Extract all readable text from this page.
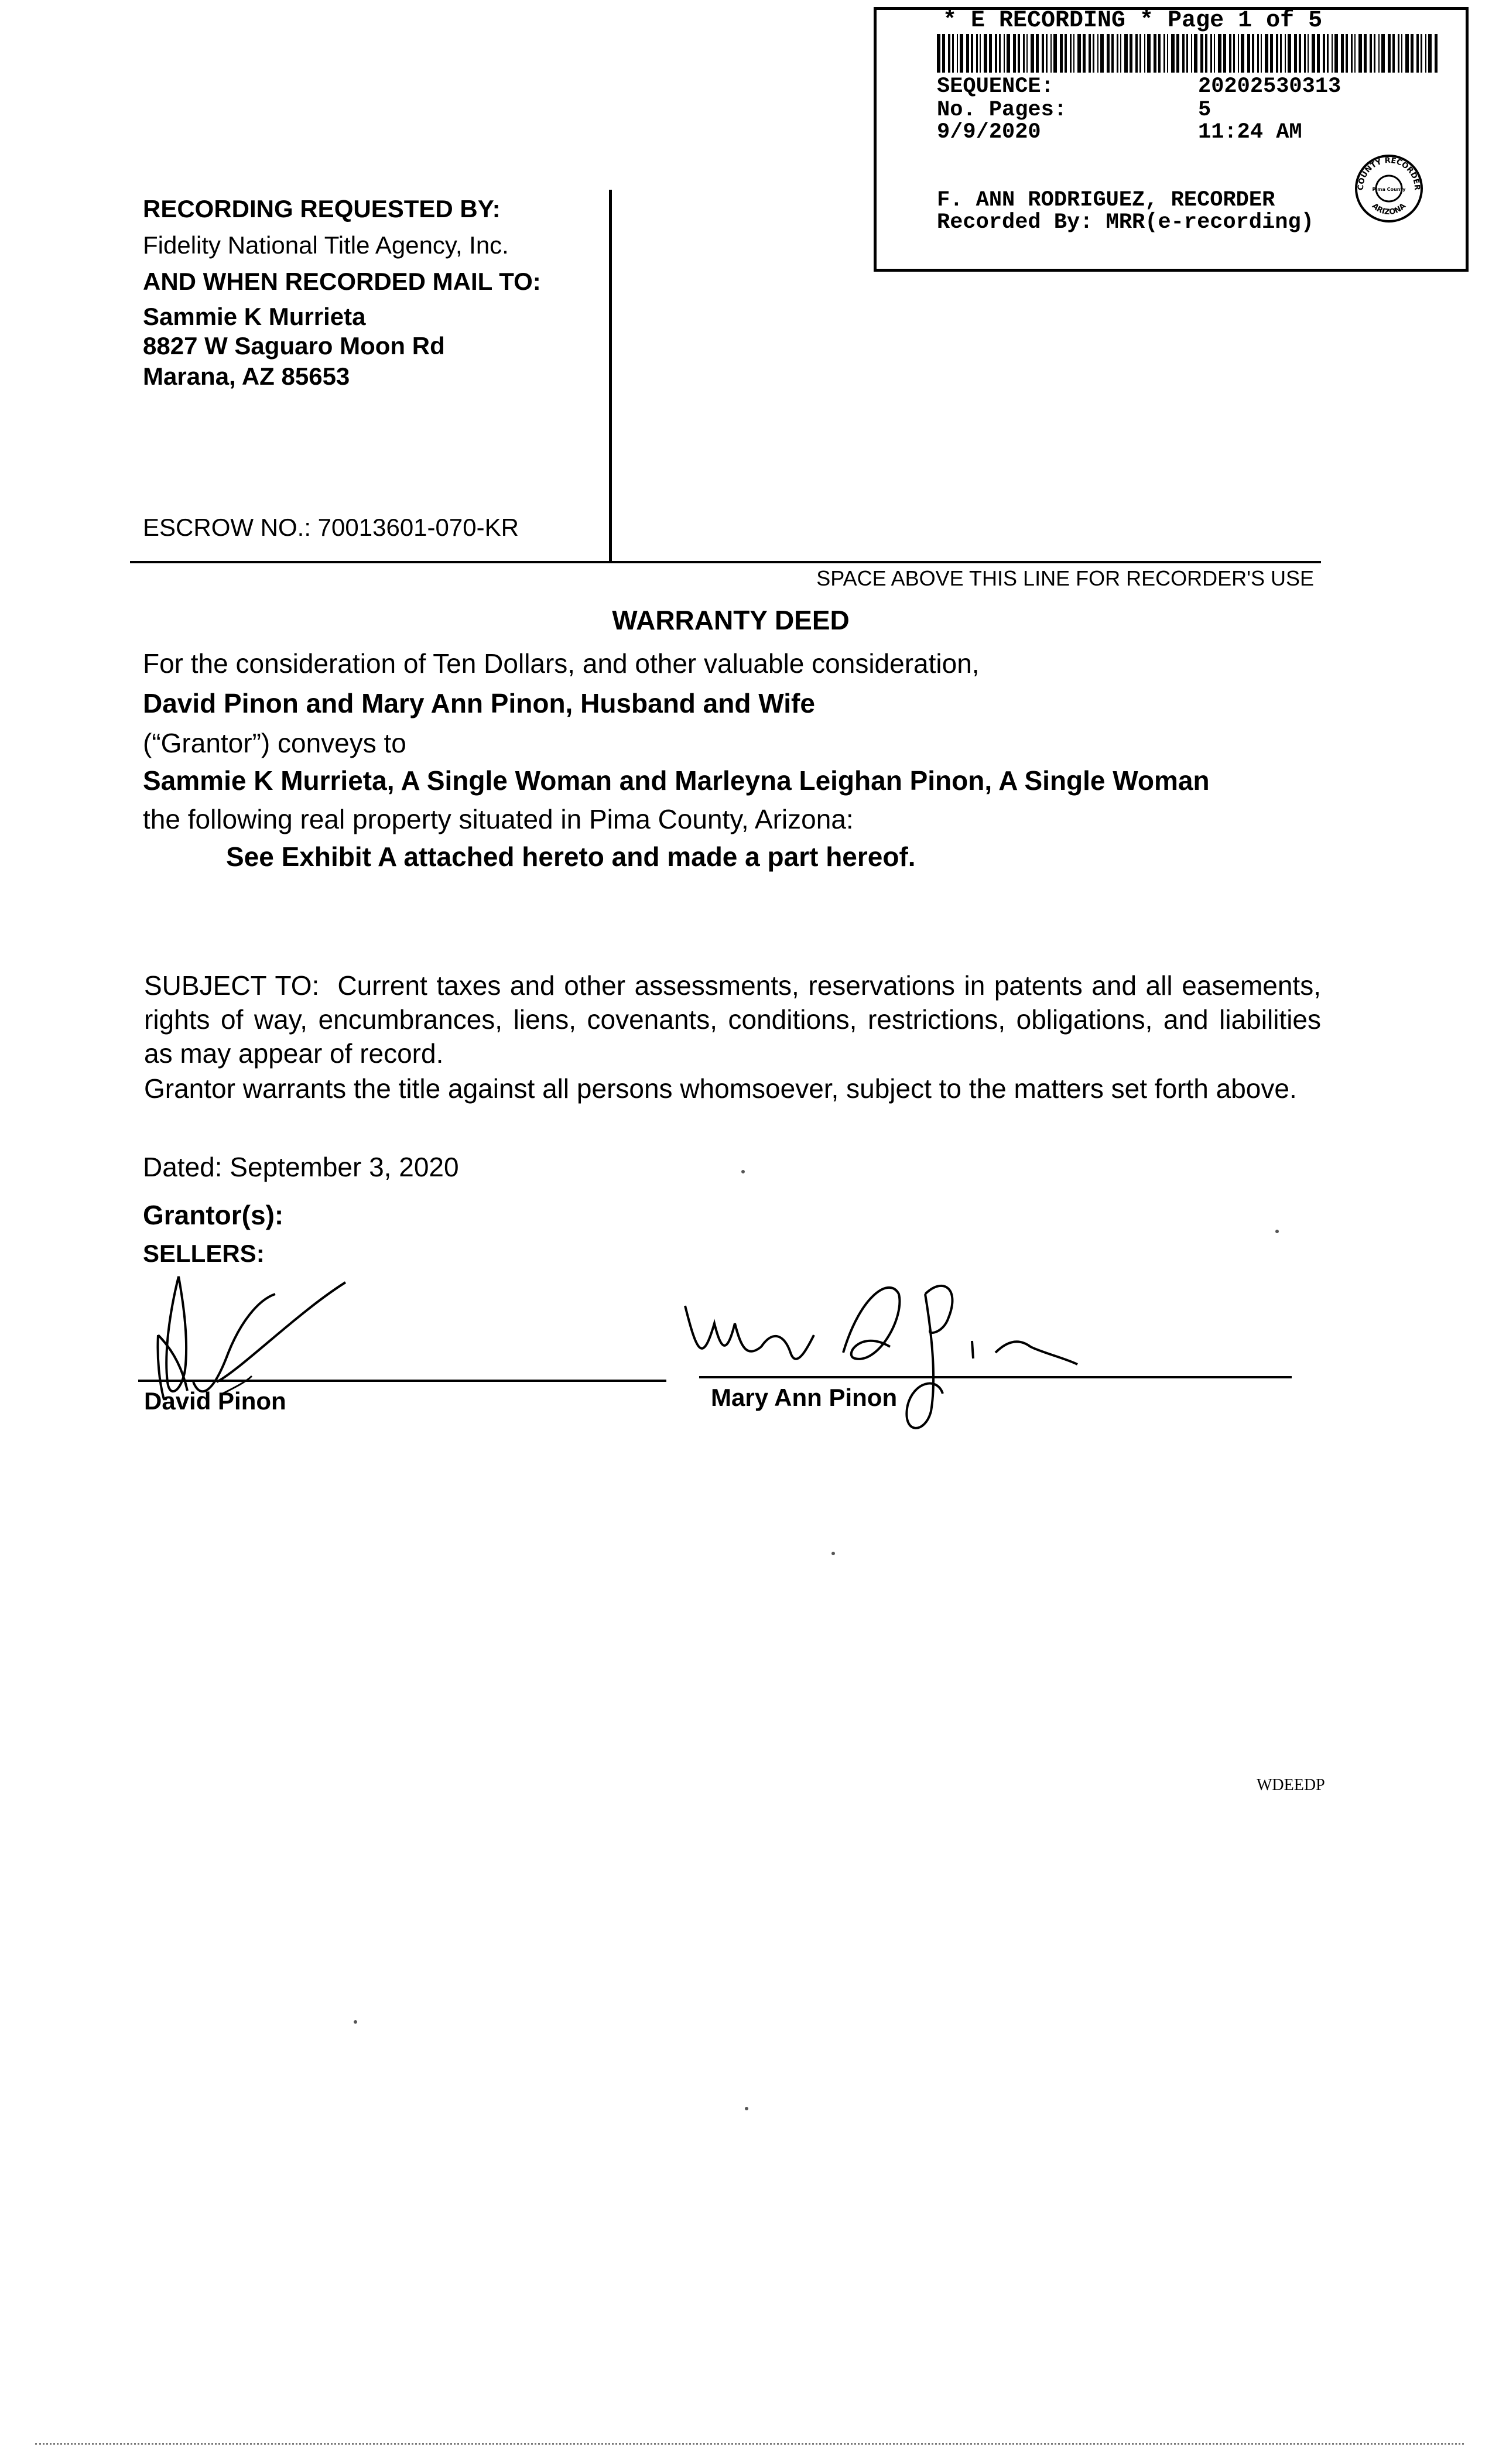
* E RECORDING * Page 1 of 5
SEQUENCE:	20202530313
No. Pages:	5
9/9/2020	11:24 AM
F. ANN RODRIGUEZ, RECORDER
Recorded By: MRR(e-recording)
COUNTY RECORDER
ARIZONA
Pima County
RECORDING REQUESTED BY:
Fidelity National Title Agency, Inc.
AND WHEN RECORDED MAIL TO:
Sammie K Murrieta
8827 W Saguaro Moon Rd
Marana, AZ 85653
ESCROW NO.: 70013601-070-KR
SPACE ABOVE THIS LINE FOR RECORDER'S USE
WARRANTY DEED
For the consideration of Ten Dollars, and other valuable consideration,
David Pinon and Mary Ann Pinon, Husband and Wife
(“Grantor”) conveys to
Sammie K Murrieta, A Single Woman and Marleyna Leighan Pinon, A Single Woman
the following real property situated in Pima County, Arizona:
See Exhibit A attached hereto and made a part hereof.
SUBJECT TO:  Current taxes and other assessments, reservations in patents and all easements, rights of way, encumbrances, liens, covenants, conditions, restrictions, obligations, and liabilities as may appear of record.
Grantor warrants the title against all persons whomsoever, subject to the matters set forth above.
Dated: September 3, 2020
Grantor(s):
SELLERS:
David Pinon	Mary Ann Pinon
WDEEDP
